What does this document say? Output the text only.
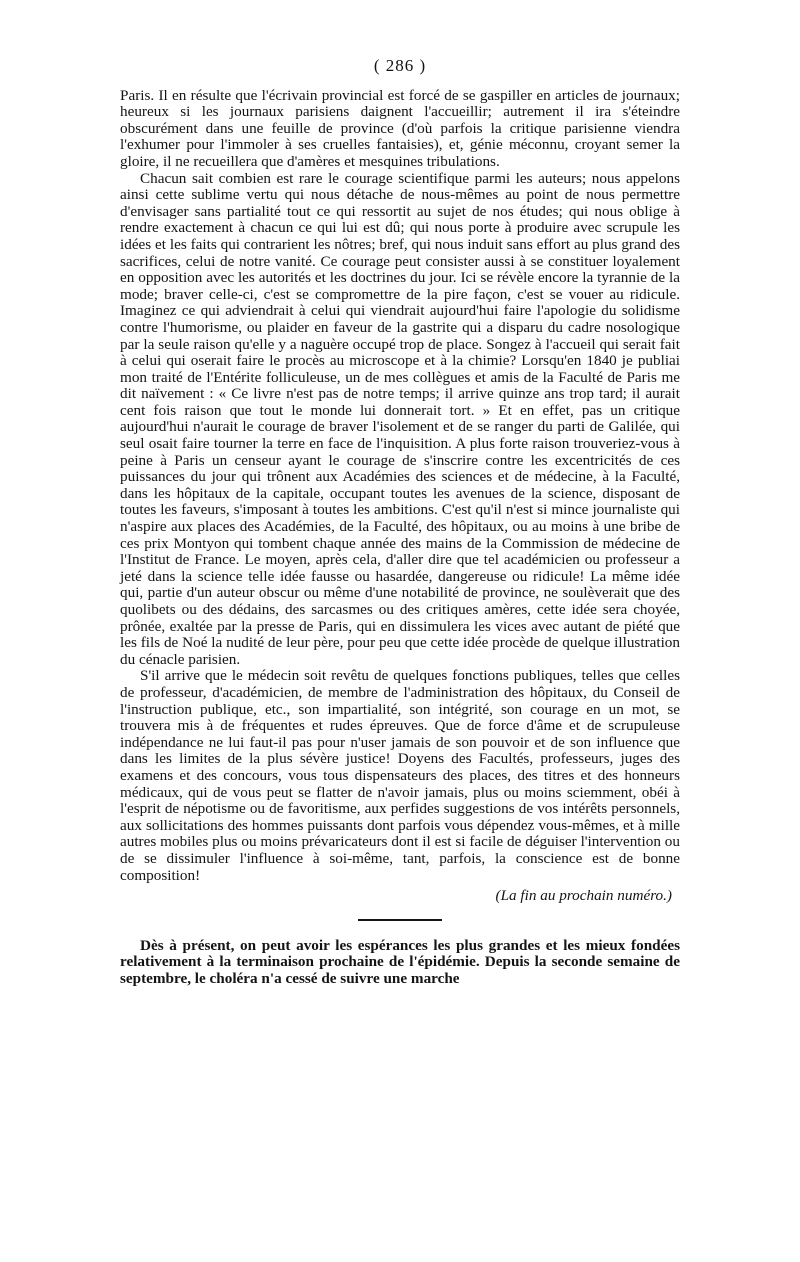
( 286 )

Paris. Il en résulte que l'écrivain provincial est forcé de se gaspiller en articles de journaux; heureux si les journaux parisiens daignent l'accueillir; autrement il ira s'éteindre obscurément dans une feuille de province (d'où parfois la critique parisienne viendra l'exhumer pour l'immoler à ses cruelles fantaisies), et, génie méconnu, croyant semer la gloire, il ne recueillera que d'amères et mesquines tribulations.

Chacun sait combien est rare le courage scientifique parmi les auteurs; nous appelons ainsi cette sublime vertu qui nous détache de nous-mêmes au point de nous permettre d'envisager sans partialité tout ce qui ressortit au sujet de nos études; qui nous oblige à rendre exactement à chacun ce qui lui est dû; qui nous porte à produire avec scrupule les idées et les faits qui contrarient les nôtres; bref, qui nous induit sans effort au plus grand des sacrifices, celui de notre vanité. Ce courage peut consister aussi à se constituer loyalement en opposition avec les autorités et les doctrines du jour. Ici se révèle encore la tyrannie de la mode; braver celle-ci, c'est se compromettre de la pire façon, c'est se vouer au ridicule. Imaginez ce qui adviendrait à celui qui viendrait aujourd'hui faire l'apologie du solidisme contre l'humorisme, ou plaider en faveur de la gastrite qui a disparu du cadre nosologique par la seule raison qu'elle y a naguère occupé trop de place. Songez à l'accueil qui serait fait à celui qui oserait faire le procès au microscope et à la chimie? Lorsqu'en 1840 je publiai mon traité de l'Entérite folliculeuse, un de mes collègues et amis de la Faculté de Paris me dit naïvement : « Ce livre n'est pas de notre temps; il arrive quinze ans trop tard; il aurait cent fois raison que tout le monde lui donnerait tort. » Et en effet, pas un critique aujourd'hui n'aurait le courage de braver l'isolement et de se ranger du parti de Galilée, qui seul osait faire tourner la terre en face de l'inquisition. A plus forte raison trouveriez-vous à peine à Paris un censeur ayant le courage de s'inscrire contre les excentricités de ces puissances du jour qui trônent aux Académies des sciences et de médecine, à la Faculté, dans les hôpitaux de la capitale, occupant toutes les avenues de la science, disposant de toutes les faveurs, s'imposant à toutes les ambitions. C'est qu'il n'est si mince journaliste qui n'aspire aux places des Académies, de la Faculté, des hôpitaux, ou au moins à une bribe de ces prix Montyon qui tombent chaque année des mains de la Commission de médecine de l'Institut de France. Le moyen, après cela, d'aller dire que tel académicien ou professeur a jeté dans la science telle idée fausse ou hasardée, dangereuse ou ridicule! La même idée qui, partie d'un auteur obscur ou même d'une notabilité de province, ne soulèverait que des quolibets ou des dédains, des sarcasmes ou des critiques amères, cette idée sera choyée, prônée, exaltée par la presse de Paris, qui en dissimulera les vices avec autant de piété que les fils de Noé la nudité de leur père, pour peu que cette idée procède de quelque illustration du cénacle parisien.

S'il arrive que le médecin soit revêtu de quelques fonctions publiques, telles que celles de professeur, d'académicien, de membre de l'administration des hôpitaux, du Conseil de l'instruction publique, etc., son impartialité, son intégrité, son courage en un mot, se trouvera mis à de fréquentes et rudes épreuves. Que de force d'âme et de scrupuleuse indépendance ne lui faut-il pas pour n'user jamais de son pouvoir et de son influence que dans les limites de la plus sévère justice! Doyens des Facultés, professeurs, juges des examens et des concours, vous tous dispensateurs des places, des titres et des honneurs médicaux, qui de vous peut se flatter de n'avoir jamais, plus ou moins sciemment, obéi à l'esprit de népotisme ou de favoritisme, aux perfides suggestions de vos intérêts personnels, aux sollicitations des hommes puissants dont parfois vous dépendez vous-mêmes, et à mille autres mobiles plus ou moins prévaricateurs dont il est si facile de déguiser l'intervention ou de se dissimuler l'influence à soi-même, tant, parfois, la conscience est de bonne composition!

(La fin au prochain numéro.)

Dès à présent, on peut avoir les espérances les plus grandes et les mieux fondées relativement à la terminaison prochaine de l'épidémie. Depuis la seconde semaine de septembre, le choléra n'a cessé de suivre une marche
